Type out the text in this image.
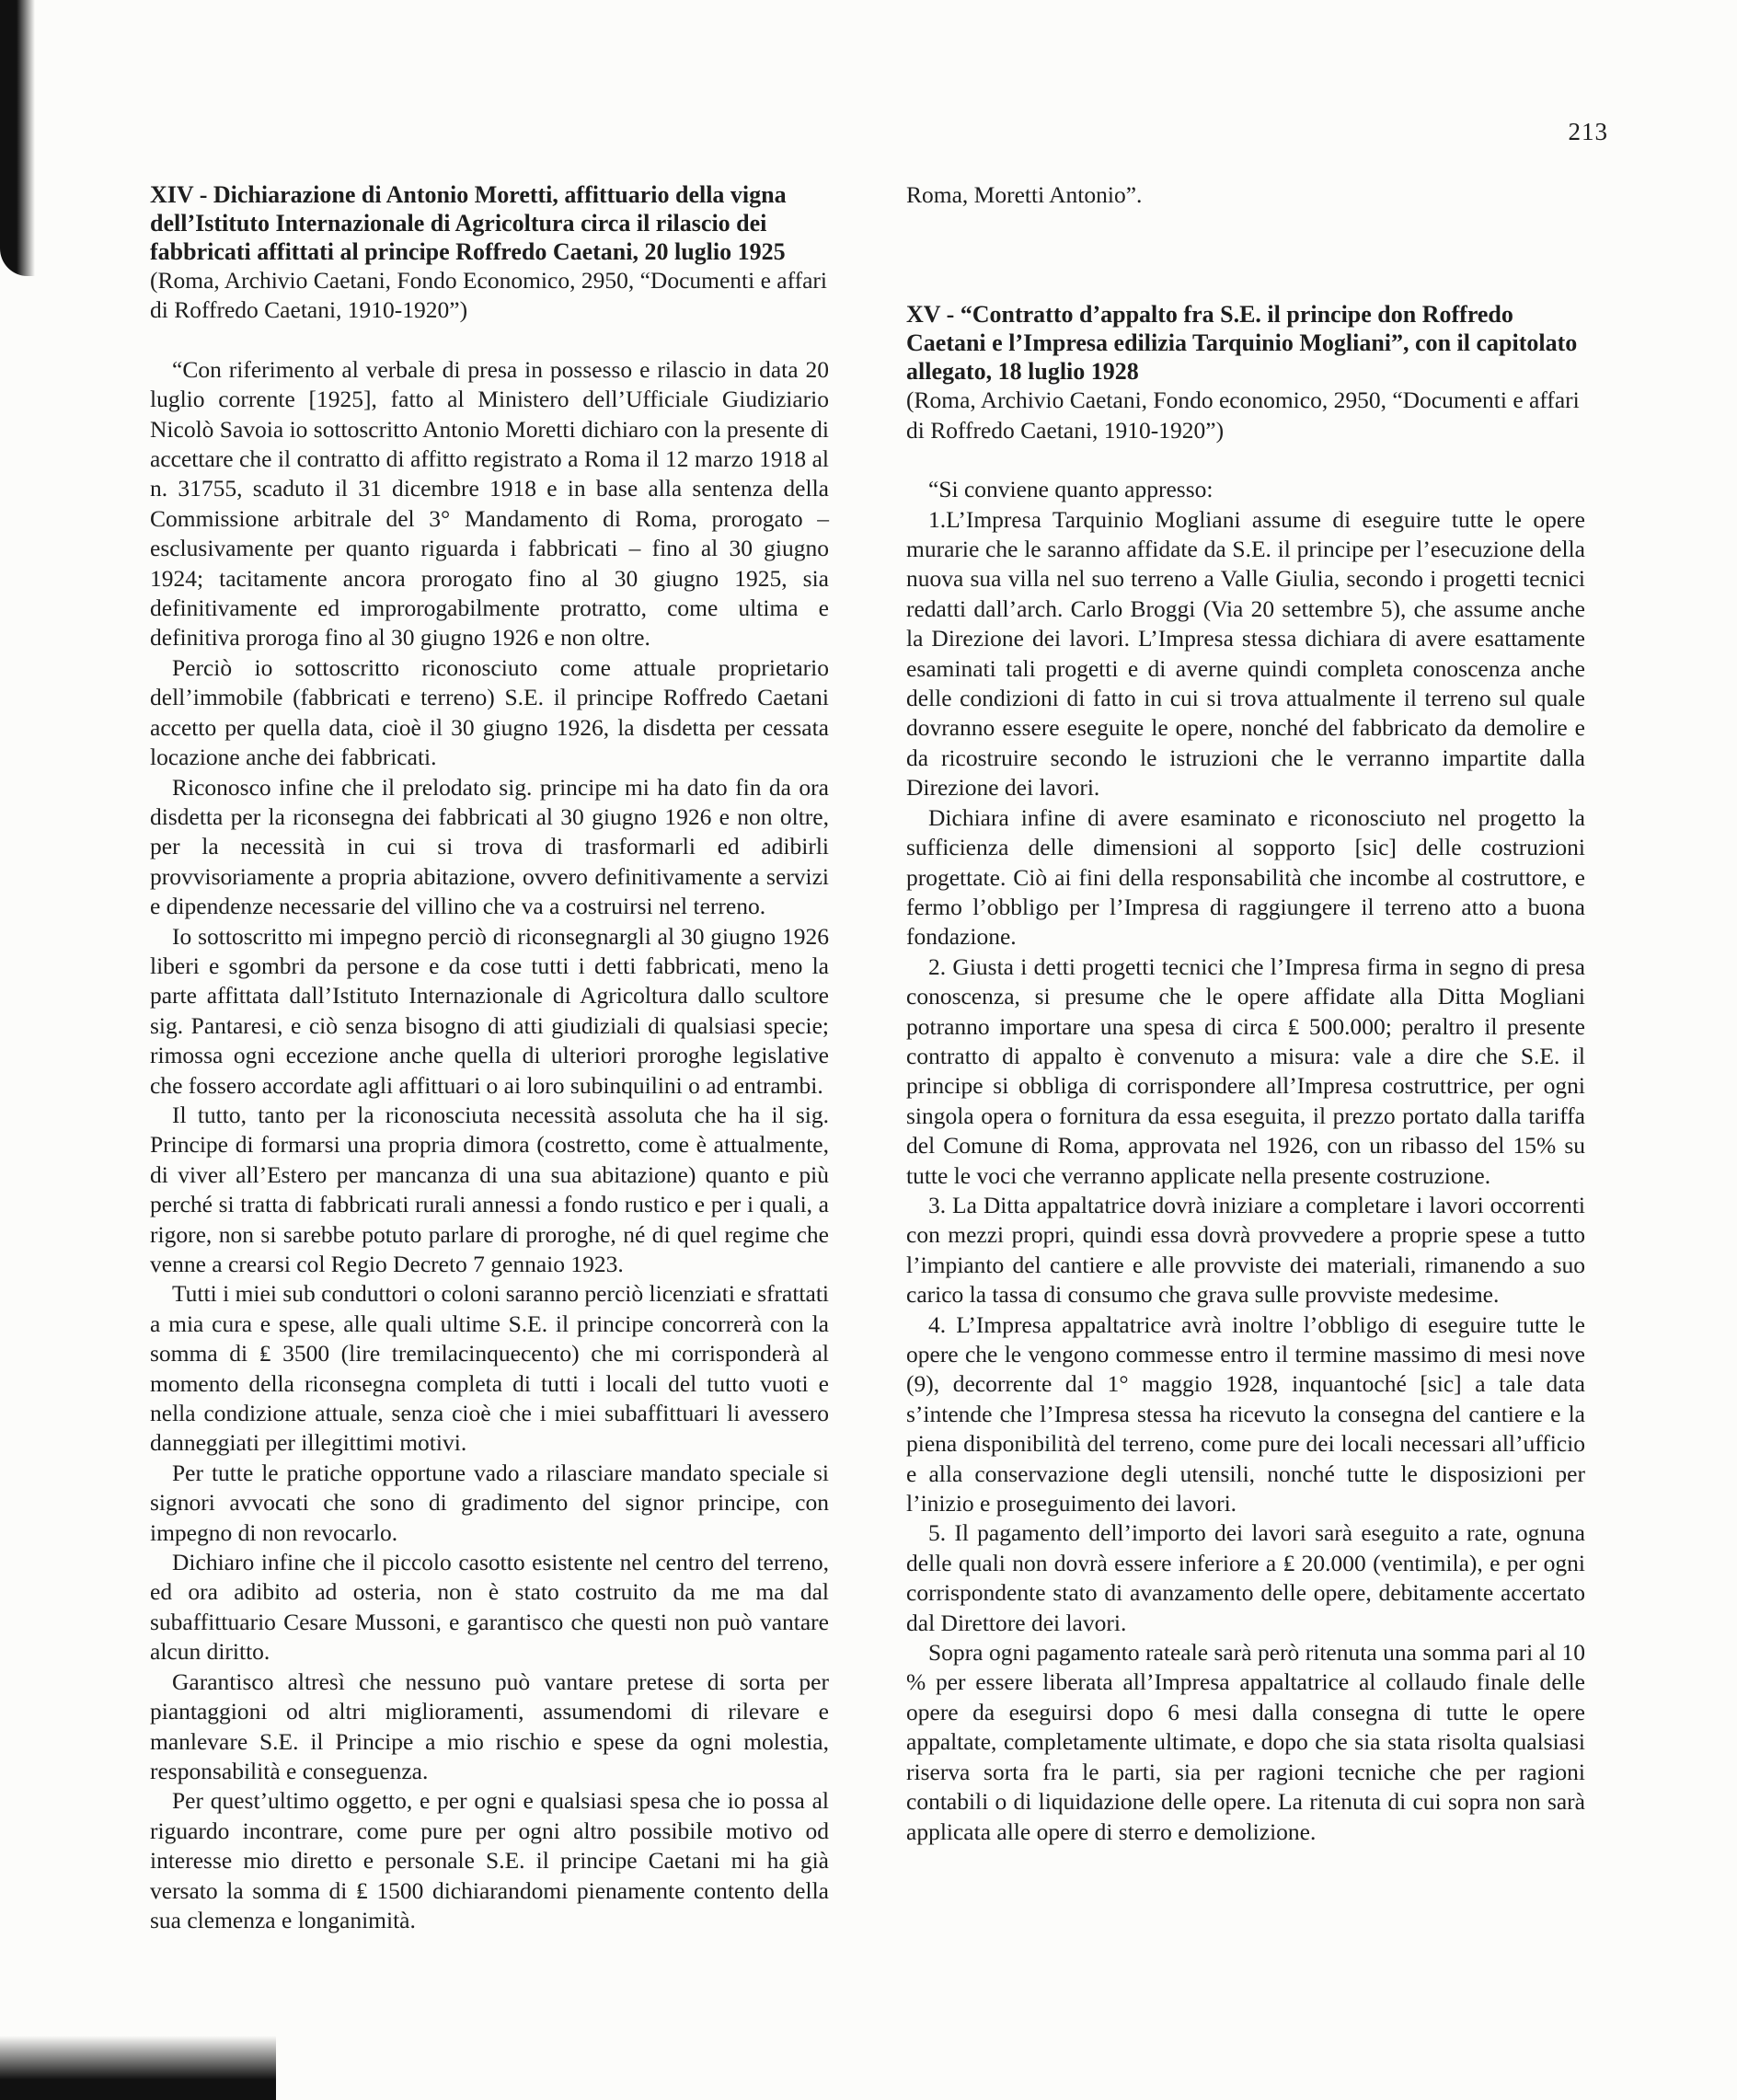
213
XIV - Dichiarazione di Antonio Moretti, affittuario della vigna dell’Istituto Internazionale di Agricoltura circa il rilascio dei fabbricati affittati al principe Roffredo Caetani, 20 luglio 1925

(Roma, Archivio Caetani, Fondo Economico, 2950, “Documenti e affari di Roffredo Caetani, 1910-1920”)

“Con riferimento al verbale di presa in possesso e rilascio in data 20 luglio corrente [1925], fatto al Ministero dell’Ufficiale Giudiziario Nicolò Savoia io sottoscritto Antonio Moretti dichiaro con la presente di accettare che il contratto di affitto registrato a Roma il 12 marzo 1918 al n. 31755, scaduto il 31 dicembre 1918 e in base alla sentenza della Commissione arbitrale del 3° Mandamento di Roma, prorogato – esclusivamente per quanto riguarda i fabbricati – fino al 30 giugno 1924; tacitamente ancora prorogato fino al 30 giugno 1925, sia definitivamente ed improrogabilmente protratto, come ultima e definitiva proroga fino al 30 giugno 1926 e non oltre.

Perciò io sottoscritto riconosciuto come attuale proprietario dell’immobile (fabbricati e terreno) S.E. il principe Roffredo Caetani accetto per quella data, cioè il 30 giugno 1926, la disdetta per cessata locazione anche dei fabbricati.

Riconosco infine che il prelodato sig. principe mi ha dato fin da ora disdetta per la riconsegna dei fabbricati al 30 giugno 1926 e non oltre, per la necessità in cui si trova di trasformarli ed adibirli provvisoriamente a propria abitazione, ovvero definitivamente a servizi e dipendenze necessarie del villino che va a costruirsi nel terreno.

Io sottoscritto mi impegno perciò di riconsegnargli al 30 giugno 1926 liberi e sgombri da persone e da cose tutti i detti fabbricati, meno la parte affittata dall’Istituto Internazionale di Agricoltura dallo scultore sig. Pantaresi, e ciò senza bisogno di atti giudiziali di qualsiasi specie; rimossa ogni eccezione anche quella di ulteriori proroghe legislative che fossero accordate agli affittuari o ai loro subinquilini o ad entrambi.

Il tutto, tanto per la riconosciuta necessità assoluta che ha il sig. Principe di formarsi una propria dimora (costretto, come è attualmente, di viver all’Estero per mancanza di una sua abitazione) quanto e più perché si tratta di fabbricati rurali annessi a fondo rustico e per i quali, a rigore, non si sarebbe potuto parlare di proroghe, né di quel regime che venne a crearsi col Regio Decreto 7 gennaio 1923.

Tutti i miei sub conduttori o coloni saranno perciò licenziati e sfrattati a mia cura e spese, alle quali ultime S.E. il principe concorrerà con la somma di ₤ 3500 (lire tremilacinquecento) che mi corrisponderà al momento della riconsegna completa di tutti i locali del tutto vuoti e nella condizione attuale, senza cioè che i miei subaffittuari li avessero danneggiati per illegittimi motivi.

Per tutte le pratiche opportune vado a rilasciare mandato speciale si signori avvocati che sono di gradimento del signor principe, con impegno di non revocarlo.

Dichiaro infine che il piccolo casotto esistente nel centro del terreno, ed ora adibito ad osteria, non è stato costruito da me ma dal subaffittuario Cesare Mussoni, e garantisco che questi non può vantare alcun diritto.

Garantisco altresì che nessuno può vantare pretese di sorta per piantaggioni od altri miglioramenti, assumendomi di rilevare e manlevare S.E. il Principe a mio rischio e spese da ogni molestia, responsabilità e conseguenza.

Per quest’ultimo oggetto, e per ogni e qualsiasi spesa che io possa al riguardo incontrare, come pure per ogni altro possibile motivo od interesse mio diretto e personale S.E. il principe Caetani mi ha già versato la somma di ₤ 1500 dichiarandomi pienamente contento della sua clemenza e longanimità.

Roma, Moretti Antonio”.

XV - “Contratto d’appalto fra S.E. il principe don Roffredo Caetani e l’Impresa edilizia Tarquinio Mogliani”, con il capitolato allegato, 18 luglio 1928

(Roma, Archivio Caetani, Fondo economico, 2950, “Documenti e affari di Roffredo Caetani, 1910-1920”)

“Si conviene quanto appresso:

1.L’Impresa Tarquinio Mogliani assume di eseguire tutte le opere murarie che le saranno affidate da S.E. il principe per l’esecuzione della nuova sua villa nel suo terreno a Valle Giulia, secondo i progetti tecnici redatti dall’arch. Carlo Broggi (Via 20 settembre 5), che assume anche la Direzione dei lavori. L’Impresa stessa dichiara di avere esattamente esaminati tali progetti e di averne quindi completa conoscenza anche delle condizioni di fatto in cui si trova attualmente il terreno sul quale dovranno essere eseguite le opere, nonché del fabbricato da demolire e da ricostruire secondo le istruzioni che le verranno impartite dalla Direzione dei lavori.

Dichiara infine di avere esaminato e riconosciuto nel progetto la sufficienza delle dimensioni al sopporto [sic] delle costruzioni progettate. Ciò ai fini della responsabilità che incombe al costruttore, e fermo l’obbligo per l’Impresa di raggiungere il terreno atto a buona fondazione.

2. Giusta i detti progetti tecnici che l’Impresa firma in segno di presa conoscenza, si presume che le opere affidate alla Ditta Mogliani potranno importare una spesa di circa ₤ 500.000; peraltro il presente contratto di appalto è convenuto a misura: vale a dire che S.E. il principe si obbliga di corrispondere all’Impresa costruttrice, per ogni singola opera o fornitura da essa eseguita, il prezzo portato dalla tariffa del Comune di Roma, approvata nel 1926, con un ribasso del 15% su tutte le voci che verranno applicate nella presente costruzione.

3. La Ditta appaltatrice dovrà iniziare a completare i lavori occorrenti con mezzi propri, quindi essa dovrà provvedere a proprie spese a tutto l’impianto del cantiere e alle provviste dei materiali, rimanendo a suo carico la tassa di consumo che grava sulle provviste medesime.

4. L’Impresa appaltatrice avrà inoltre l’obbligo di eseguire tutte le opere che le vengono commesse entro il termine massimo di mesi nove (9), decorrente dal 1° maggio 1928, inquantoché [sic] a tale data s’intende che l’Impresa stessa ha ricevuto la consegna del cantiere e la piena disponibilità del terreno, come pure dei locali necessari all’ufficio e alla conservazione degli utensili, nonché tutte le disposizioni per l’inizio e proseguimento dei lavori.

5. Il pagamento dell’importo dei lavori sarà eseguito a rate, ognuna delle quali non dovrà essere inferiore a ₤ 20.000 (ventimila), e per ogni corrispondente stato di avanzamento delle opere, debitamente accertato dal Direttore dei lavori.

Sopra ogni pagamento rateale sarà però ritenuta una somma pari al 10 % per essere liberata all’Impresa appaltatrice al collaudo finale delle opere da eseguirsi dopo 6 mesi dalla consegna di tutte le opere appaltate, completamente ultimate, e dopo che sia stata risolta qualsiasi riserva sorta fra le parti, sia per ragioni tecniche che per ragioni contabili o di liquidazione delle opere. La ritenuta di cui sopra non sarà applicata alle opere di sterro e demolizione.
